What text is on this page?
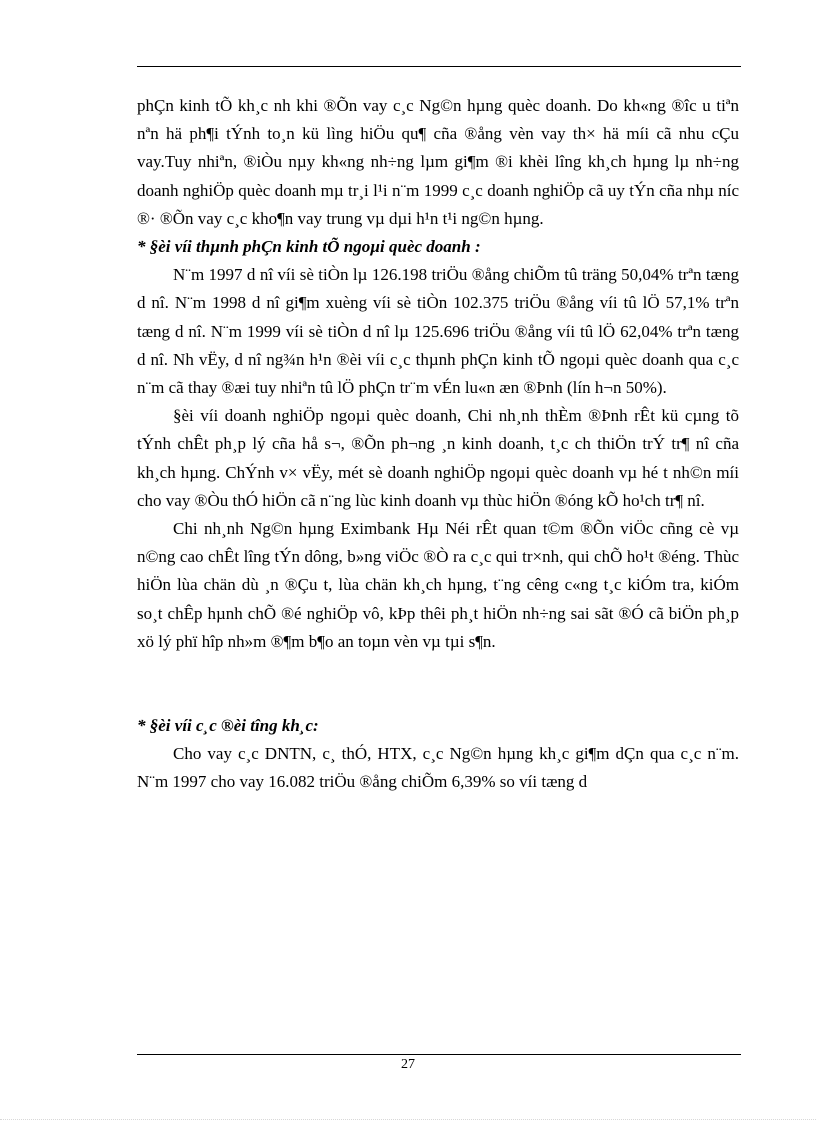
phÇn kinh tÕ kh¸c nh khi ®Õn vay c¸c Ng©n hµng quèc doanh. Do kh«ng ®îc u tiªn nªn hä ph¶i tÝnh to¸n kü lìng hiÖu qu¶ cña ®ång vèn vay th× hä míi cã nhu cÇu vay.Tuy nhiªn, ®iÒu nµy kh«ng nh÷ng lµm gi¶m ®i khèi lîng kh¸ch hµng lµ nh÷ng doanh nghiÖp quèc doanh mµ tr¸i l¹i n¨m 1999 c¸c doanh nghiÖp cã uy tÝn cña nhµ níc ®· ®Õn vay c¸c kho¶n vay trung vµ dµi h¹n t¹i ng©n hµng.

* §èi víi thµnh phÇn kinh tÕ ngoµi quèc doanh :

N¨m 1997 d nî víi sè tiÒn lµ 126.198 triÖu ®ång chiÕm tû träng 50,04% trªn tæng d nî. N¨m 1998 d nî gi¶m xuèng víi sè tiÒn 102.375 triÖu ®ång víi tû lÖ 57,1% trªn tæng d nî. N¨m 1999 víi sè tiÒn d nî lµ 125.696 triÖu ®ång víi tû lÖ 62,04% trªn tæng d nî. Nh vËy, d nî ng¾n h¹n ®èi víi c¸c thµnh phÇn kinh tÕ ngoµi quèc doanh qua c¸c n¨m cã thay ®æi tuy nhiªn tû lÖ phÇn tr¨m vÉn lu«n æn ®Þnh (lín h¬n 50%).

§èi víi doanh nghiÖp ngoµi quèc doanh, Chi nh¸nh thÈm ®Þnh rÊt kü cµng tõ tÝnh chÊt ph¸p lý cña hå s¬, ®Õn ph¬ng ¸n kinh doanh, t¸c ch thiÖn trÝ tr¶ nî cña kh¸ch hµng. ChÝnh v× vËy, mét sè doanh nghiÖp ngoµi quèc doanh vµ hé t nh©n míi cho vay ®Òu thÓ hiÖn cã n¨ng lùc kinh doanh vµ thùc hiÖn ®óng kÕ ho¹ch tr¶ nî.

Chi nh¸nh Ng©n hµng Eximbank Hµ Néi rÊt quan t©m ®Õn viÖc cñng cè vµ n©ng cao chÊt lîng tÝn dông, b»ng viÖc ®Ò ra c¸c qui tr×nh, qui chÕ ho¹t ®éng. Thùc hiÖn lùa chän dù ¸n ®Çu t, lùa chän kh¸ch hµng, t¨ng cêng c«ng t¸c kiÓm tra, kiÓm so¸t chÊp hµnh chÕ ®é nghiÖp vô, kÞp thêi ph¸t hiÖn nh÷ng sai sãt ®Ó cã biÖn ph¸p xö lý phï hîp nh»m ®¶m b¶o an toµn vèn vµ tµi s¶n.

* §èi víi c¸c ®èi tîng kh¸c:

Cho vay c¸c DNTN, c¸ thÓ, HTX, c¸c Ng©n hµng kh¸c gi¶m dÇn qua c¸c n¨m. N¨m 1997 cho vay 16.082 triÖu ®ång chiÕm 6,39% so víi tæng d

27
